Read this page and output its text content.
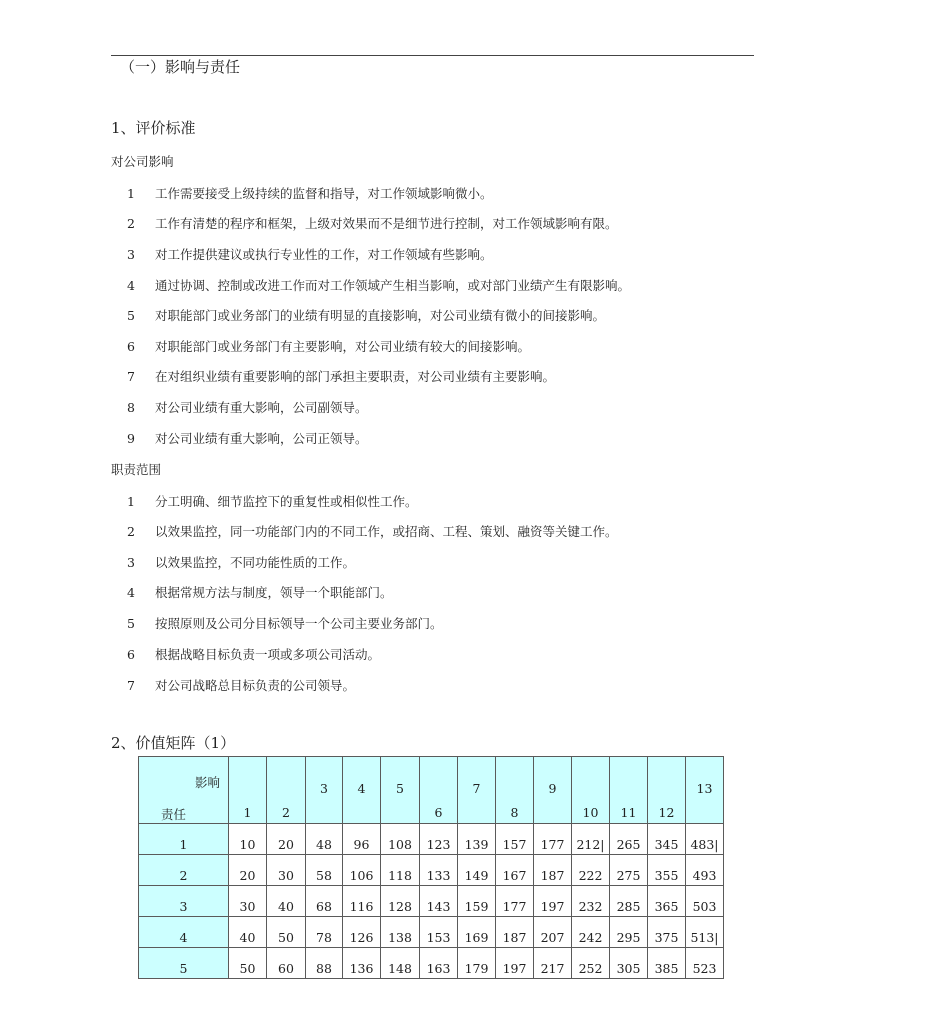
（一）影响与责任
1、评价标准
对公司影响
1 工作需要接受上级持续的监督和指导，对工作领域影响微小。
2 工作有清楚的程序和框架，上级对效果而不是细节进行控制，对工作领域影响有限。
3 对工作提供建议或执行专业性的工作，对工作领域有些影响。
4 通过协调、控制或改进工作而对工作领域产生相当影响，或对部门业绩产生有限影响。
5 对职能部门或业务部门的业绩有明显的直接影响，对公司业绩有微小的间接影响。
6 对职能部门或业务部门有主要影响，对公司业绩有较大的间接影响。
7 在对组织业绩有重要影响的部门承担主要职责，对公司业绩有主要影响。
8 对公司业绩有重大影响，公司副领导。
9 对公司业绩有重大影响，公司正领导。
职责范围
1 分工明确、细节监控下的重复性或相似性工作。
2 以效果监控，同一功能部门内的不同工作，或招商、工程、策划、融资等关键工作。
3 以效果监控，不同功能性质的工作。
4 根据常规方法与制度，领导一个职能部门。
5 按照原则及公司分目标领导一个公司主要业务部门。
6 根据战略目标负责一项或多项公司活动。
7 对公司战略总目标负责的公司领导。
2、价值矩阵（1）
影响
责任	1	2	3	4	5	6	7	8	9	10	11	12	13

1	10	20	48	96	108	123	139	157	177	212|	265	345	483|

2	20	30	58	106	118	133	149	167	187	222	275	355	493

3	30	40	68	116	128	143	159	177	197	232	285	365	503

4	40	50	78	126	138	153	169	187	207	242	295	375	513|

5	50	60	88	136	148	163	179	197	217	252	305	385	523
